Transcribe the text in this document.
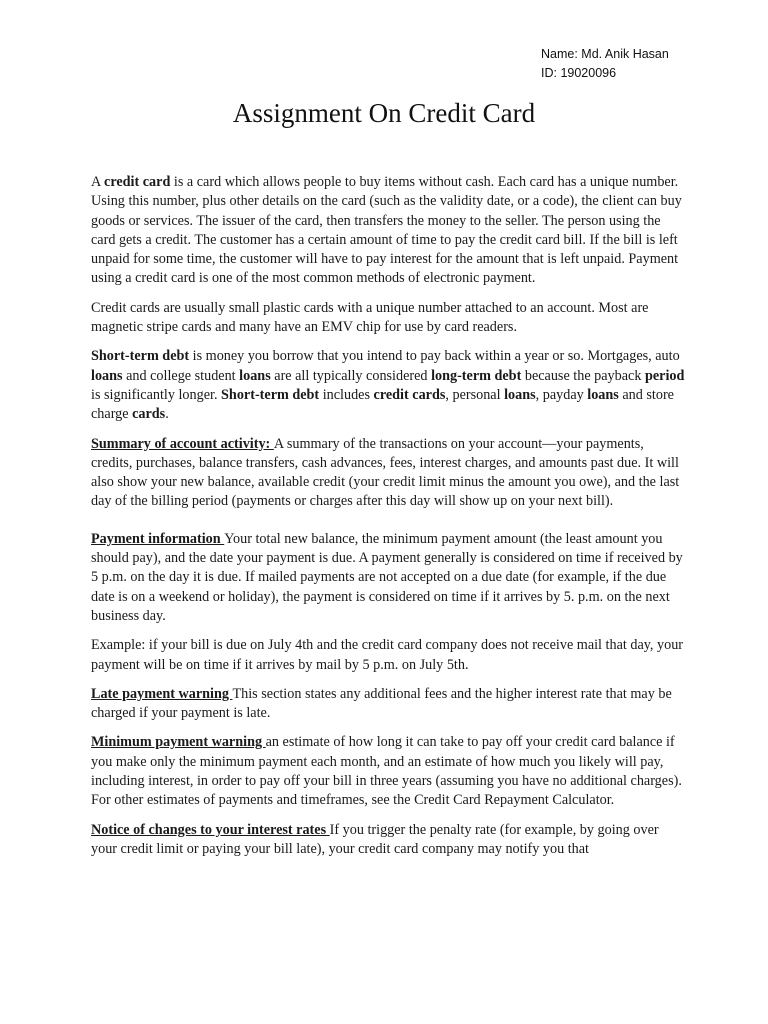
Name: Md. Anik Hasan
ID: 19020096
Assignment On Credit Card

A credit card is a card which allows people to buy items without cash. Each card has a unique number. Using this number, plus other details on the card (such as the validity date, or a code), the client can buy goods or services. The issuer of the card, then transfers the money to the seller. The person using the card gets a credit. The customer has a certain amount of time to pay the credit card bill. If the bill is left unpaid for some time, the customer will have to pay interest for the amount that is left unpaid. Payment using a credit card is one of the most common methods of electronic payment.

Credit cards are usually small plastic cards with a unique number attached to an account. Most are magnetic stripe cards and many have an EMV chip for use by card readers.

Short-term debt is money you borrow that you intend to pay back within a year or so. Mortgages, auto loans and college student loans are all typically considered long-term debt because the payback period is significantly longer. Short-term debt includes credit cards, personal loans, payday loans and store charge cards.

Summary of account activity: A summary of the transactions on your account—your payments, credits, purchases, balance transfers, cash advances, fees, interest charges, and amounts past due. It will also show your new balance, available credit (your credit limit minus the amount you owe), and the last day of the billing period (payments or charges after this day will show up on your next bill).

Payment information Your total new balance, the minimum payment amount (the least amount you should pay), and the date your payment is due. A payment generally is considered on time if received by 5 p.m. on the day it is due. If mailed payments are not accepted on a due date (for example, if the due date is on a weekend or holiday), the payment is considered on time if it arrives by 5. p.m. on the next business day.

Example: if your bill is due on July 4th and the credit card company does not receive mail that day, your payment will be on time if it arrives by mail by 5 p.m. on July 5th.

Late payment warning This section states any additional fees and the higher interest rate that may be charged if your payment is late.

Minimum payment warning an estimate of how long it can take to pay off your credit card balance if you make only the minimum payment each month, and an estimate of how much you likely will pay, including interest, in order to pay off your bill in three years (assuming you have no additional charges). For other estimates of payments and timeframes, see the Credit Card Repayment Calculator.

Notice of changes to your interest rates If you trigger the penalty rate (for example, by going over your credit limit or paying your bill late), your credit card company may notify you that
